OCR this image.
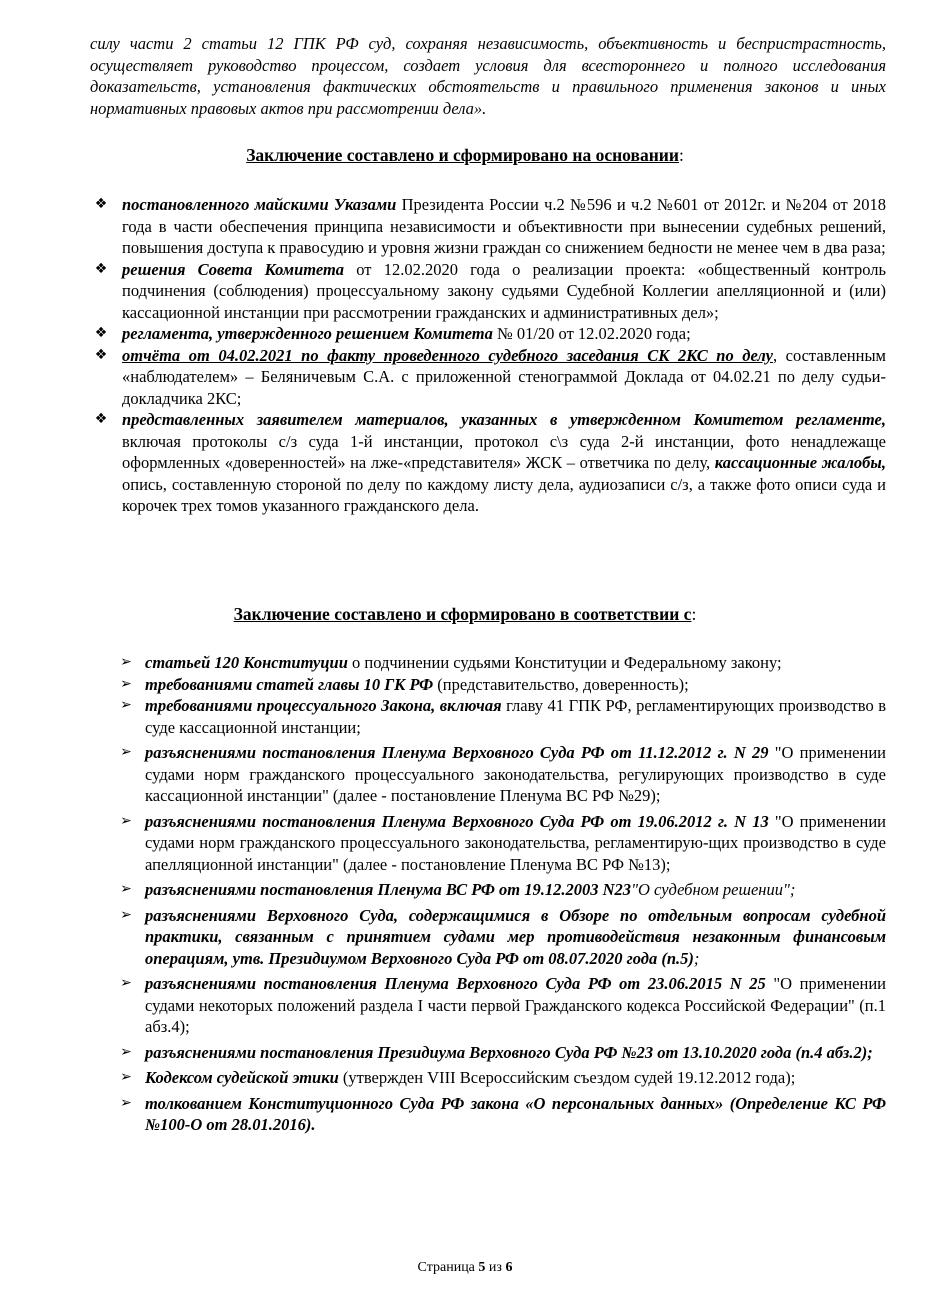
силу части 2 статьи 12 ГПК РФ суд, сохраняя независимость, объективность и беспристрастность, осуществляет руководство процессом, создает условия для всестороннего и полного исследования доказательств, установления фактических обстоятельств и правильного применения законов и иных нормативных правовых актов при рассмотрении дела».

Заключение составлено и сформировано на основании:
❖ постановленного майскими Указами Президента России ч.2 №596 и ч.2 №601 от 2012г. и №204 от 2018 года в части обеспечения принципа независимости и объективности при вынесении судебных решений, повышения доступа к правосудию и уровня жизни граждан со снижением бедности не менее чем в два раза;
❖ решения Совета Комитета от 12.02.2020 года о реализации проекта: «общественный контроль подчинения (соблюдения) процессуальному закону судьями Судебной Коллегии апелляционной и (или) кассационной инстанции при рассмотрении гражданских и административных дел»;
❖ регламента, утвержденного решением Комитета № 01/20 от 12.02.2020 года;
❖ отчёта от 04.02.2021 по факту проведенного судебного заседания СК 2КС по делу, составленным «наблюдателем» – Беляничевым С.А. с приложенной стенограммой Доклада от 04.02.21 по делу судьи-докладчика 2КС;
❖ представленных заявителем материалов, указанных в утвержденном Комитетом регламенте, включая протоколы с/з суда 1-й инстанции, протокол с\з суда 2-й инстанции, фото ненадлежаще оформленных «доверенностей» на лже-«представителя» ЖСК – ответчика по делу, кассационные жалобы, опись, составленную стороной по делу по каждому листу дела, аудиозаписи с/з, а также фото описи суда и корочек трех томов указанного гражданского дела.
Заключение составлено и сформировано в соответствии с:
➢ статьей 120 Конституции о подчинении судьями Конституции и Федеральному закону;
➢ требованиями статей главы 10 ГК РФ (представительство, доверенность);
➢ требованиями процессуального Закона, включая главу 41 ГПК РФ, регламентирующих производство в суде кассационной инстанции;
➢ разъяснениями постановления Пленума Верховного Суда РФ от 11.12.2012 г. N 29 "О применении судами норм гражданского процессуального законодательства, регулирующих производство в суде кассационной инстанции" (далее - постановление Пленума ВС РФ №29);
➢ разъяснениями постановления Пленума Верховного Суда РФ от 19.06.2012 г. N 13 "О применении судами норм гражданского процессуального законодательства, регламентирую-щих производство в суде апелляционной инстанции" (далее - постановление Пленума ВС РФ №13);
➢ разъяснениями постановления Пленума ВС РФ от 19.12.2003 N23"О судебном решении";
➢ разъяснениями Верховного Суда, содержащимися в Обзоре по отдельным вопросам судебной практики, связанным с принятием судами мер противодействия незаконным финансовым операциям, утв. Президиумом Верховного Суда РФ от 08.07.2020 года (п.5);
➢ разъяснениями постановления Пленума Верховного Суда РФ от 23.06.2015 N 25 "О применении судами некоторых положений раздела I части первой Гражданского кодекса Российской Федерации" (п.1 абз.4);
➢ разъяснениями постановления Президиума Верховного Суда РФ №23 от 13.10.2020 года (п.4 абз.2);
➢ Кодексом судейской этики (утвержден VIII Всероссийским съездом судей 19.12.2012 года);
➢ толкованием Конституционного Суда РФ закона «О персональных данных» (Определение КС РФ №100-О от 28.01.2016).
Страница 5 из 6
